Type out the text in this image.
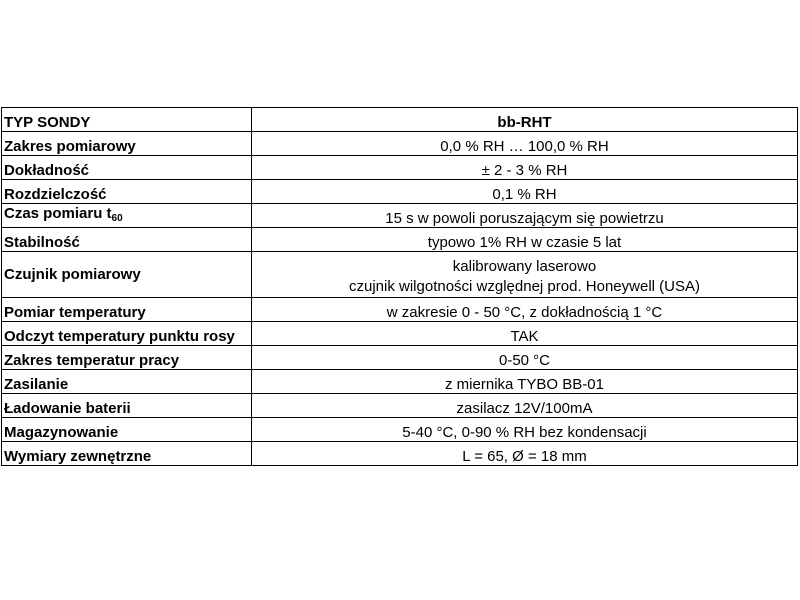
TYP SONDY	bb-RHT
Zakres pomiarowy	0,0 % RH … 100,0 % RH
Dokładność	± 2 - 3 % RH
Rozdzielczość	0,1 % RH
Czas pomiaru $t_{60}$	15 s w powoli poruszającym się powietrzu
Stabilność	typowo 1% RH w czasie 5 lat
Czujnik pomiarowy	kalibrowany laserowo
czujnik wilgotności względnej prod. Honeywell (USA)

Pomiar temperatury	w zakresie 0 - 50 °C, z dokładnością 1 °C
Odczyt temperatury punktu rosy	TAK
Zakres temperatur pracy	0-50 °C
Zasilanie	z miernika TYBO BB-01
Ładowanie baterii	zasilacz 12V/100mA
Magazynowanie	5-40 °C, 0-90 % RH bez kondensacji
Wymiary zewnętrzne	L = 65, Ø = 18 mm
